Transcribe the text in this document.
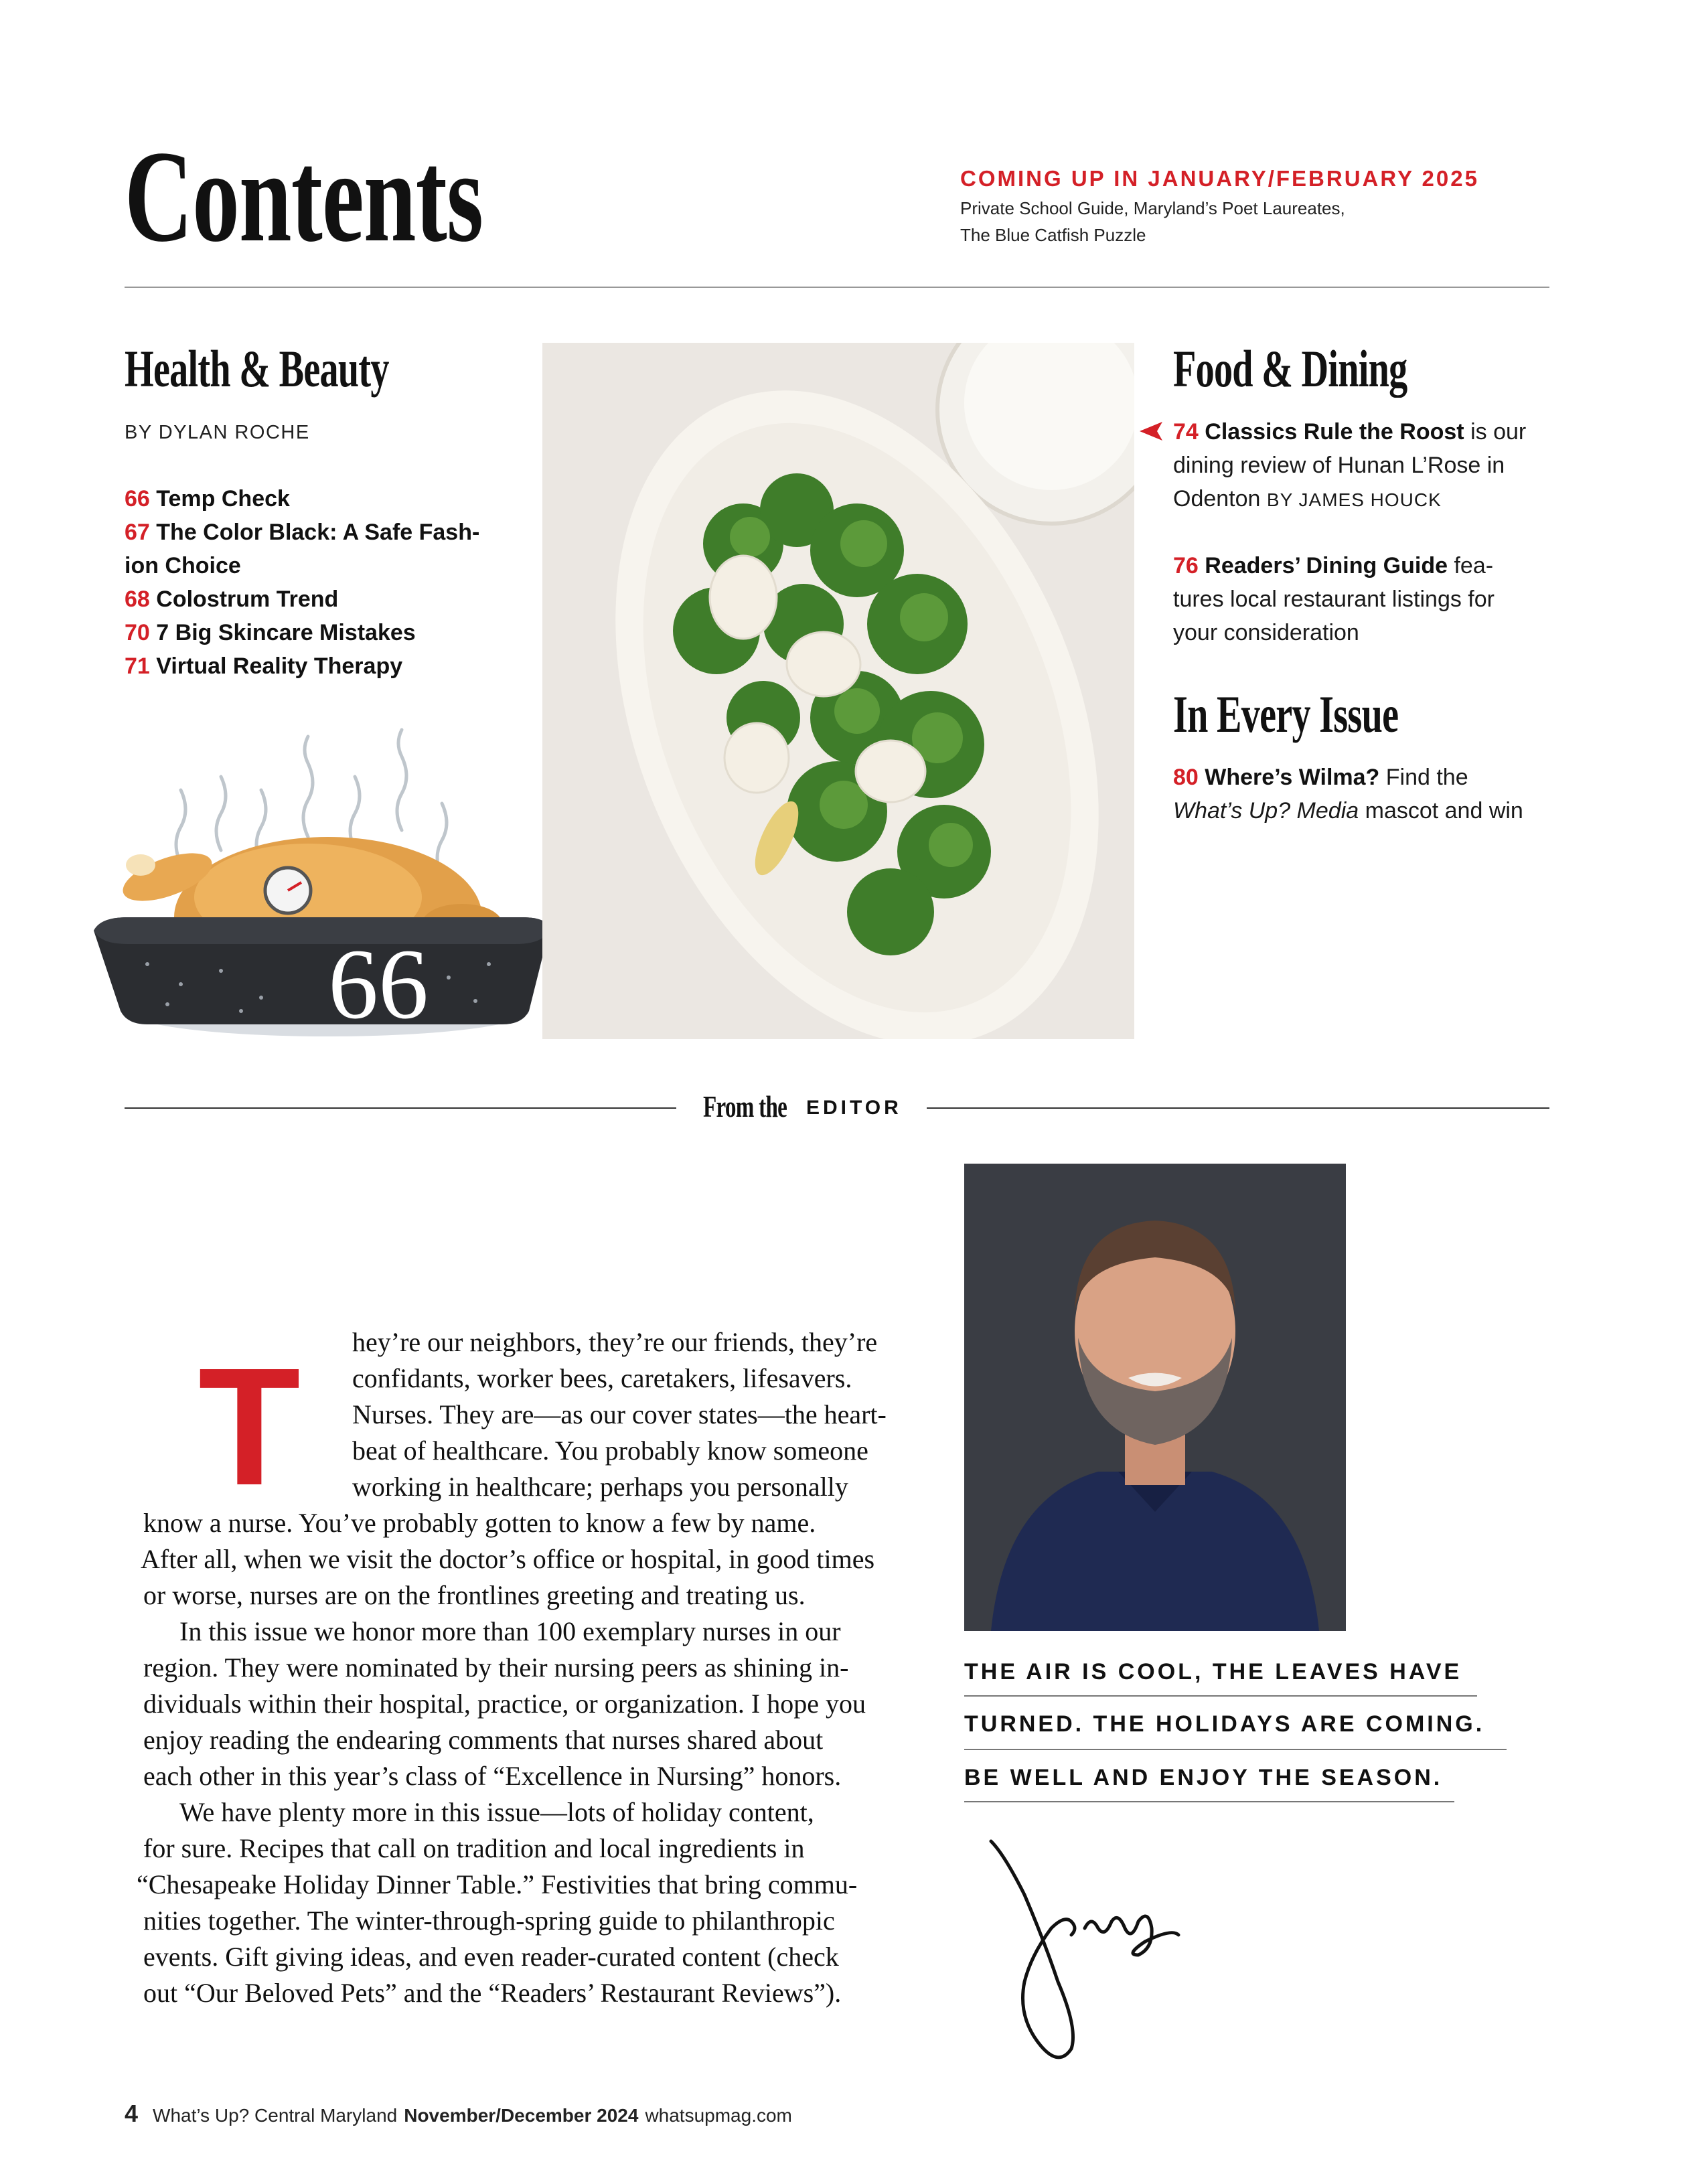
Contents	COMING UP IN JANUARY/FEBRUARY 2025
Private School Guide, Maryland’s Poet Laureates,
The Blue Catfish Puzzle
Health & Beauty
BY DYLAN ROCHE
66 Temp Check
67 The Color Black: A Safe Fash-
ion Choice
68 Colostrum Trend
70 7 Big Skincare Mistakes
71 Virtual Reality Therapy
66
Food & Dining
74 Classics Rule the Roost is our
dining review of Hunan L’Rose in
Odenton BY JAMES HOUCK
76 Readers’ Dining Guide fea-
tures local restaurant listings for
your consideration
In Every Issue
80 Where’s Wilma? Find the
What’s Up? Media mascot and win
From the EDITOR
T hey’re our neighbors, they’re our friends, they’re
confidants, worker bees, caretakers, lifesavers.
Nurses. They are—as our cover states—the heart-
beat of healthcare. You probably know someone
working in healthcare; perhaps you personally
know a nurse. You’ve probably gotten to know a few by name.
After all, when we visit the doctor’s office or hospital, in good times
or worse, nurses are on the frontlines greeting and treating us.
In this issue we honor more than 100 exemplary nurses in our
region. They were nominated by their nursing peers as shining in-
dividuals within their hospital, practice, or organization. I hope you
enjoy reading the endearing comments that nurses shared about
each other in this year’s class of “Excellence in Nursing” honors.
We have plenty more in this issue—lots of holiday content,
for sure. Recipes that call on tradition and local ingredients in
“Chesapeake Holiday Dinner Table.” Festivities that bring commu-
nities together. The winter-through-spring guide to philanthropic
events. Gift giving ideas, and even reader-curated content (check
out “Our Beloved Pets” and the “Readers’ Restaurant Reviews”).
THE AIR IS COOL, THE LEAVES HAVE
TURNED. THE HOLIDAYS ARE COMING.
BE WELL AND ENJOY THE SEASON.
4 What’s Up? Central Maryland November/December 2024 whatsupmag.com
